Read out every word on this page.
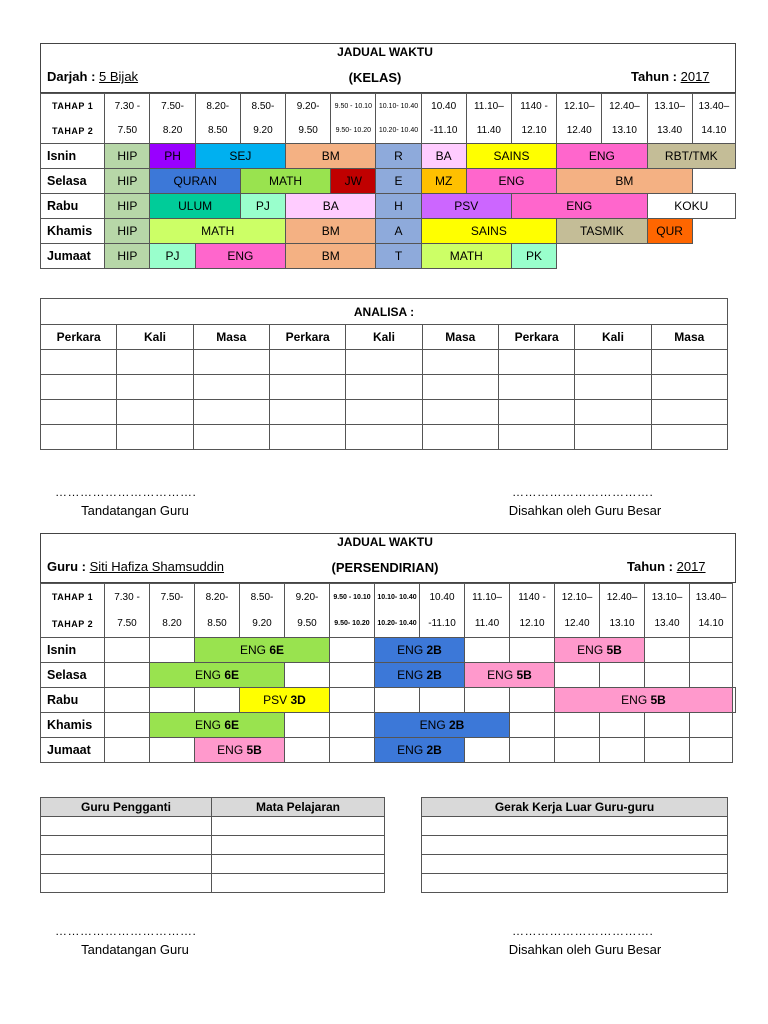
JADUAL WAKTU
Darjah : 5 Bijak	(KELAS)	Tahun : 2017
TAHAP 1	7.30 -	7.50-	8.20-	8.50-	9.20-	9.50 - 10.10	10.10- 10.40	10.40	11.10–	1140 -	12.10–	12.40–	13.10–	13.40–
TAHAP 2	7.50	8.20	8.50	9.20	9.50	9.50- 10.20	10.20- 10.40	-11.10	11.40	12.10	12.40	13.10	13.40	14.10
Isnin	HIP	PH	SEJ		BM		R	BA	SAINS		ENG		RBT/TMK	
Selasa	HIP	QURAN		MATH		JW	E	MZ	ENG		BM			
Rabu	HIP	ULUM		PJ	BA		H	PSV		ENG			KOKU	
Khamis	HIP	MATH			BM		A	SAINS			TASMIK		QUR	
Jumaat	HIP	PJ	ENG		BM		T	MATH		PK				
ANALISA :								
Perkara	Kali	Masa	Perkara	Kali	Masa	Perkara	Kali	Masa

…………………………….	…………………………….
Tandatangan Guru	Disahkan oleh Guru Besar
JADUAL WAKTU
Guru : Siti Hafiza Shamsuddin	(PERSENDIRIAN)	Tahun : 2017
TAHAP 1	7.30 -	7.50-	8.20-	8.50-	9.20-	9.50 - 10.10	10.10- 10.40	10.40	11.10–	1140 -	12.10–	12.40–	13.10–	13.40–	
TAHAP 2	7.50	8.20	8.50	9.20	9.50	9.50- 10.20	10.20- 10.40	-11.10	11.40	12.10	12.40	13.10	13.40	14.10	
Isnin			ENG 6E				ENG 2B				ENG 5B				
Selasa		ENG 6E					ENG 2B		ENG 5B						
Rabu				PSV 3D							ENG 5B				
Khamis		ENG 6E					ENG 2B								
Jumaat			ENG 5B				ENG 2B								
Guru Pengganti	Mata Pelajaran

		Gerak Kerja Luar Guru-guru

…………………………….	…………………………….
Tandatangan Guru	Disahkan oleh Guru Besar
